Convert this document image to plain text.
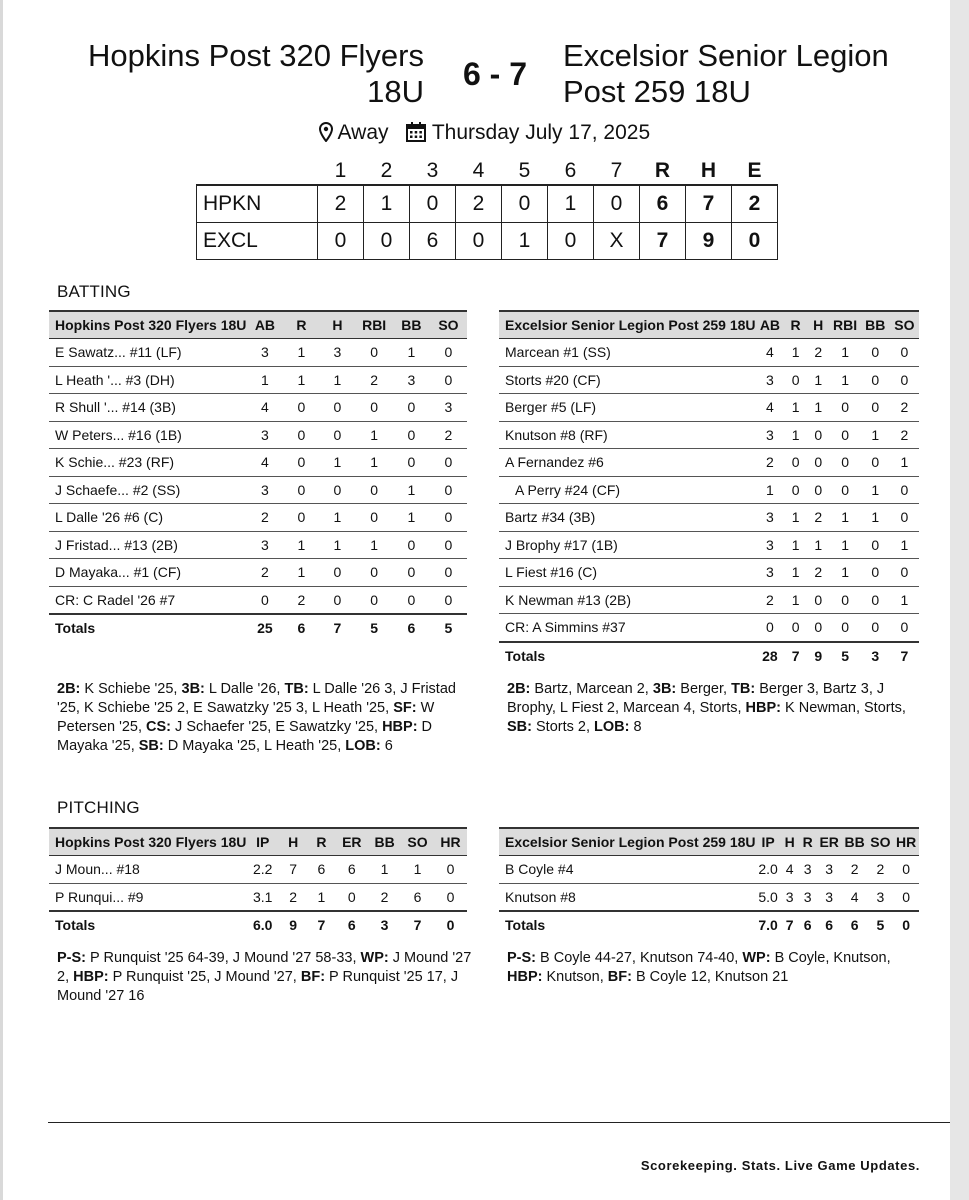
Hopkins Post 320 Flyers 18U	6 - 7
Excelsior Senior Legion Post 259 18U
Away Thursday July 17, 2025
	1	2	3	4	5	6	7	R	H	E
HPKN	2	1	0	2	0	1	0	6	7	2
EXCL	0	0	6	0	1	0	X	7	9	0
BATTING
Hopkins Post 320 Flyers 18U	AB	R	H	RBI	BB	SO
E Sawatz... #11 (LF)	3	1	3	0	1	0
L Heath '... #3 (DH)	1	1	1	2	3	0
R Shull '... #14 (3B)	4	0	0	0	0	3
W Peters... #16 (1B)	3	0	0	1	0	2
K Schie... #23 (RF)	4	0	1	1	0	0
J Schaefe... #2 (SS)	3	0	0	0	1	0
L Dalle '26 #6 (C)	2	0	1	0	1	0
J Fristad... #13 (2B)	3	1	1	1	0	0
D Mayaka... #1 (CF)	2	1	0	0	0	0
CR: C Radel '26 #7	0	2	0	0	0	0
Totals	25	6	7	5	6	5
Excelsior Senior Legion Post 259 18U	AB	R	H	RBI	BB	SO
Marcean #1 (SS)	4	1	2	1	0	0
Storts #20 (CF)	3	0	1	1	0	0
Berger #5 (LF)	4	1	1	0	0	2
Knutson #8 (RF)	3	1	0	0	1	2
A Fernandez #6	2	0	0	0	0	1
A Perry #24 (CF)	1	0	0	0	1	0
Bartz #34 (3B)	3	1	2	1	1	0
J Brophy #17 (1B)	3	1	1	1	0	1
L Fiest #16 (C)	3	1	2	1	0	0
K Newman #13 (2B)	2	1	0	0	0	1
CR: A Simmins #37	0	0	0	0	0	0
Totals	28	7	9	5	3	7
2B: K Schiebe '25, 3B: L Dalle '26, TB: L Dalle '26 3, J Fristad '25, K Schiebe '25 2, E Sawatzky '25 3, L Heath '25, SF: W Petersen '25, CS: J Schaefer '25, E Sawatzky '25, HBP: D Mayaka '25, SB: D Mayaka '25, L Heath '25, LOB: 6
2B: Bartz, Marcean 2, 3B: Berger, TB: Berger 3, Bartz 3, J Brophy, L Fiest 2, Marcean 4, Storts, HBP: K Newman, Storts, SB: Storts 2, LOB: 8
PITCHING
Hopkins Post 320 Flyers 18U	IP	H	R	ER	BB	SO	HR
J Moun... #18	2.2	7	6	6	1	1	0
P Runqui... #9	3.1	2	1	0	2	6	0
Totals	6.0	9	7	6	3	7	0
Excelsior Senior Legion Post 259 18U	IP	H	R	ER	BB	SO	HR
B Coyle #4	2.0	4	3	3	2	2	0
Knutson #8	5.0	3	3	3	4	3	0
Totals	7.0	7	6	6	6	5	0
P-S: P Runquist '25 64-39, J Mound '27 58-33, WP: J Mound '27 2, HBP: P Runquist '25, J Mound '27, BF: P Runquist '25 17, J Mound '27 16
P-S: B Coyle 44-27, Knutson 74-40, WP: B Coyle, Knutson, HBP: Knutson, BF: B Coyle 12, Knutson 21
Scorekeeping. Stats. Live Game Updates.
